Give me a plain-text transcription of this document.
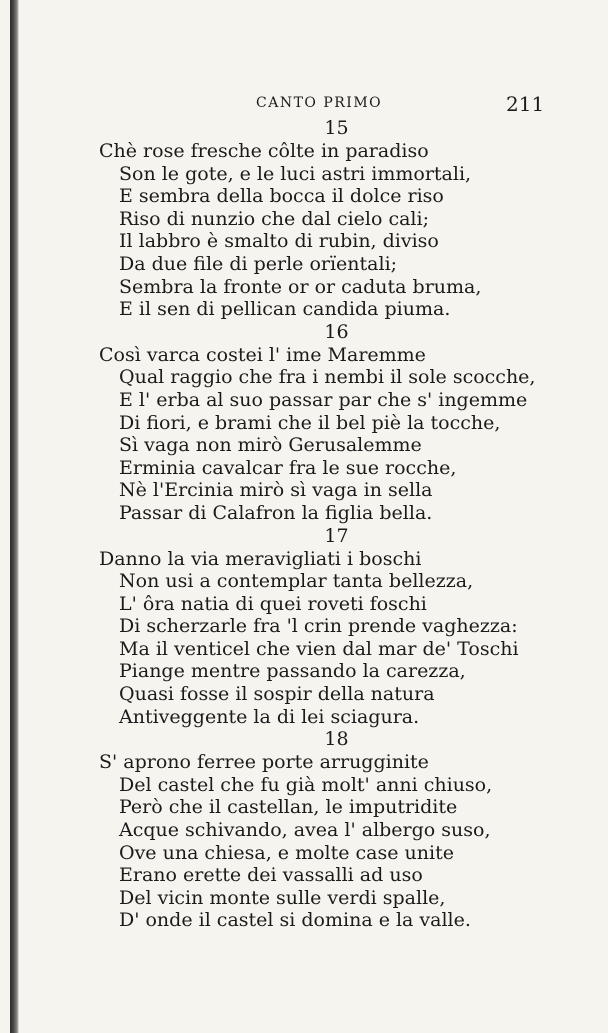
CANTO PRIMO	211
15
Chè rose fresche côlte in paradiso
Son le gote, e le luci astri immortali,
E sembra della bocca il dolce riso
Riso di nunzio che dal cielo cali;
Il labbro è smalto di rubin, diviso
Da due file di perle orïentali;
Sembra la fronte or or caduta bruma,
E il sen di pellican candida piuma.
16
Così varca costei l' ime Maremme
Qual raggio che fra i nembi il sole scocche,
E l' erba al suo passar par che s' ingemme
Di fiori, e brami che il bel piè la tocche,
Sì vaga non mirò Gerusalemme
Erminia cavalcar fra le sue rocche,
Nè l'Ercinia mirò sì vaga in sella
Passar di Calafron la figlia bella.
17
Danno la via meravigliati i boschi
Non usi a contemplar tanta bellezza,
L' ôra natia di quei roveti foschi
Di scherzarle fra 'l crin prende vaghezza:
Ma il venticel che vien dal mar de' Toschi
Piange mentre passando la carezza,
Quasi fosse il sospir della natura
Antiveggente la di lei sciagura.
18
S' aprono ferree porte arrugginite
Del castel che fu già molt' anni chiuso,
Però che il castellan, le imputridite
Acque schivando, avea l' albergo suso,
Ove una chiesa, e molte case unite
Erano erette dei vassalli ad uso
Del vicin monte sulle verdi spalle,
D' onde il castel si domina e la valle.
